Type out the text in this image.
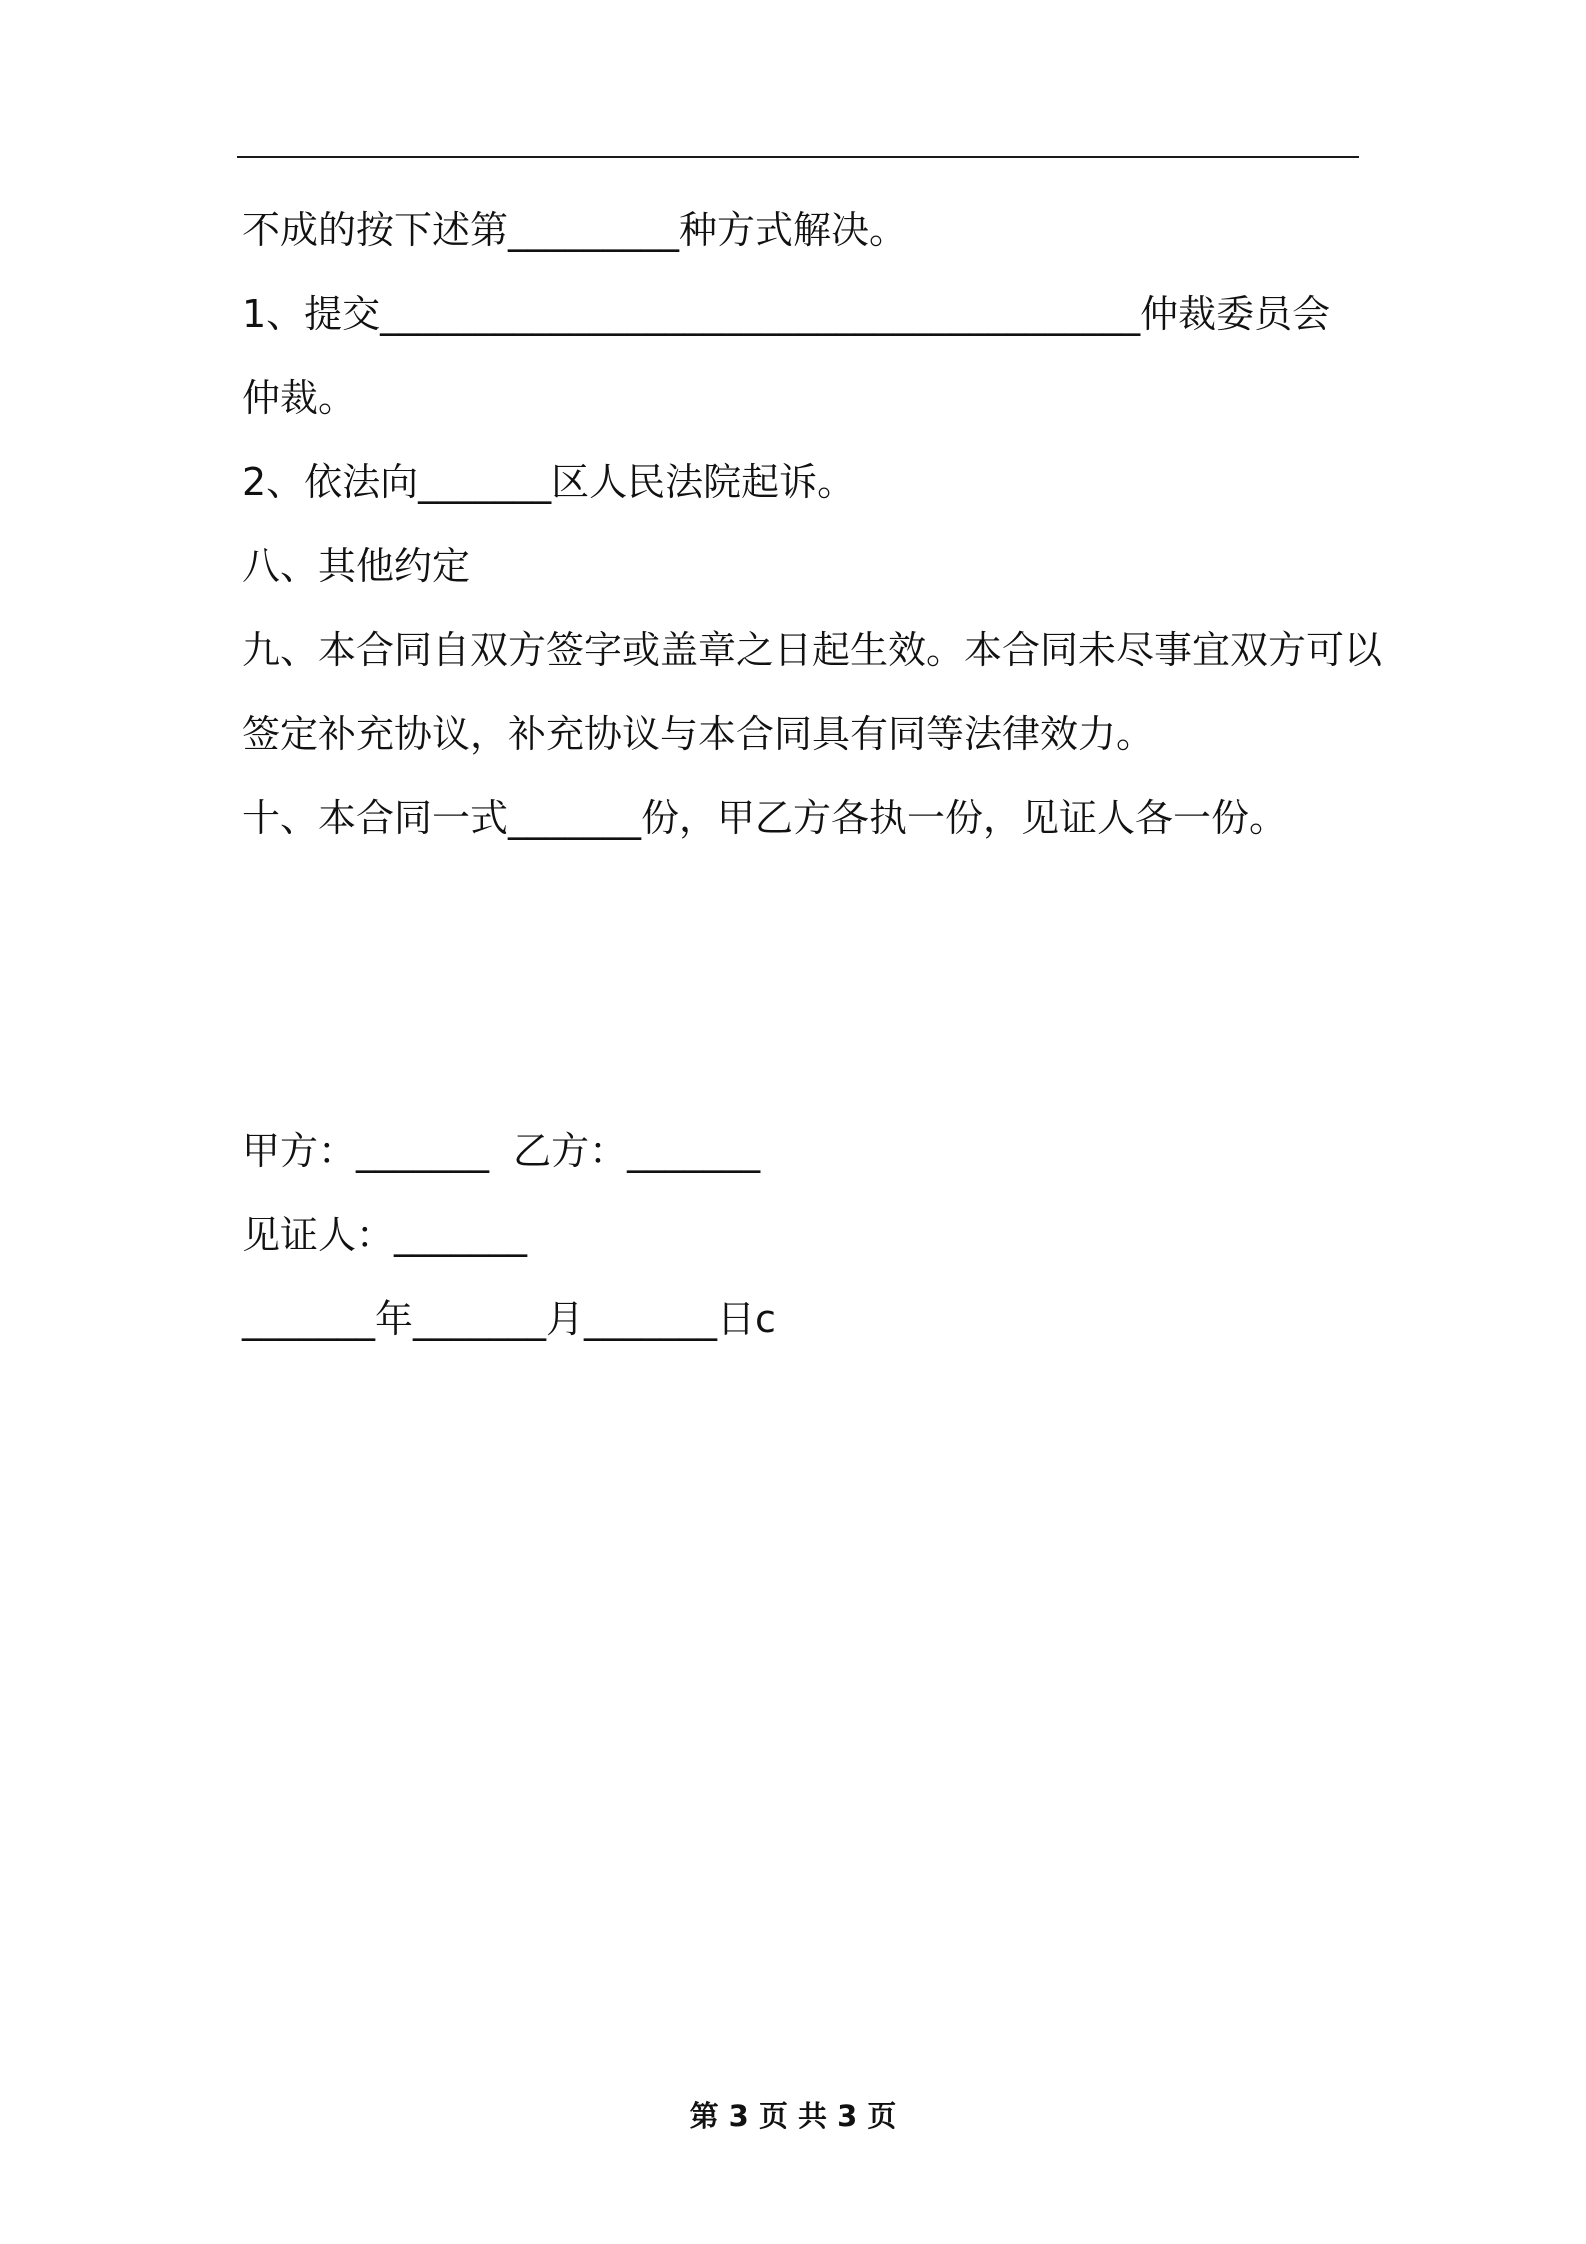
不成的按下述第_________种方式解决。
1、提交________________________________________仲裁委员会
仲裁。
2、依法向_______区人民法院起诉。
八、其他约定
九、本合同自双方签字或盖章之日起生效。本合同未尽事宜双方可以
签定补充协议，补充协议与本合同具有同等法律效力。
十、本合同一式_______份，甲乙方各执一份，见证人各一份。
甲方：_______  乙方：_______
见证人：_______
_______年_______月_______日c
第 3 页 共 3 页
